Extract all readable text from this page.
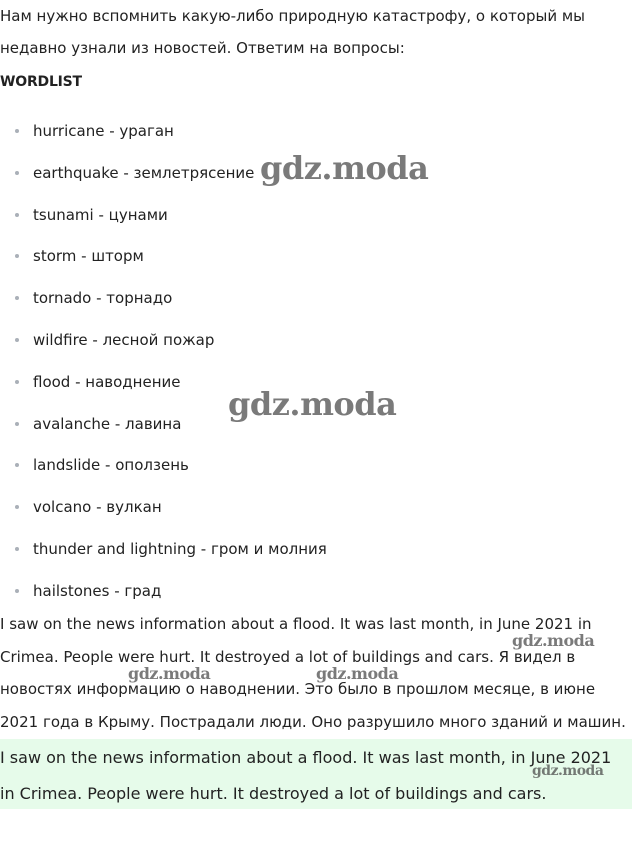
Нам нужно вспомнить какую-либо природную катастрофу, о который мы недавно узнали из новостей. Ответим на вопросы:
WORDLIST
hurricane - ураган
earthquake - землетрясение
tsunami - цунами
storm - шторм
tornado - торнадо
wildfire - лесной пожар
flood - наводнение
avalanche - лавина
landslide - оползень
volcano - вулкан
thunder and lightning - гром и молния
hailstones - град
I saw on the news information about a flood. It was last month, in June 2021 in Crimea. People were hurt. It destroyed a lot of buildings and cars. Я видел в новостях информацию о наводнении. Это было в прошлом месяце, в июне 2021 года в Крыму. Пострадали люди. Оно разрушило много зданий и машин.

I saw on the news information about a flood. It was last month, in June 2021 in Crimea. People were hurt. It destroyed a lot of buildings and cars.

gdz.moda
gdz.moda
gdz.moda
gdz.moda	gdz.moda
gdz.moda
